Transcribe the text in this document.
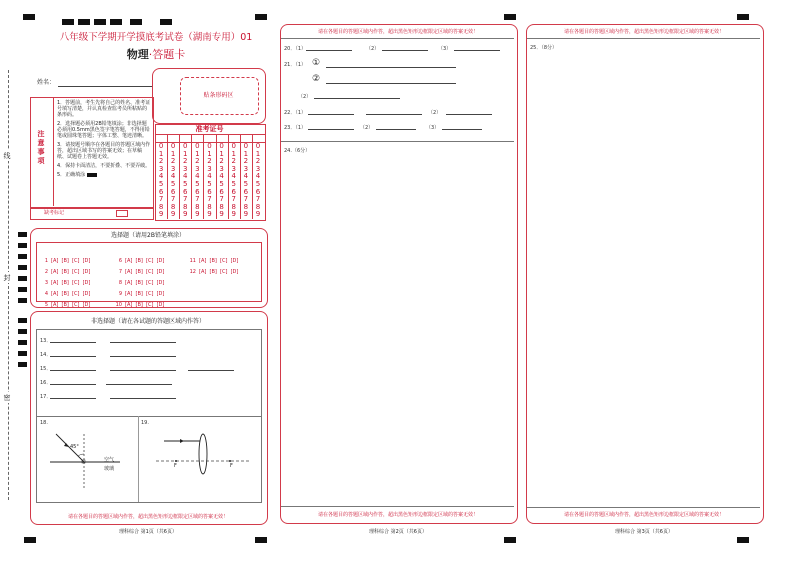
线
封
密
八年级下学期开学摸底考试卷（湖南专用）01
物理·答题卡
姓名：
贴条形码区
注意事项
1．答题前，考生先将自己的姓名、准考证号填写清楚，并认真检查监考员所粘贴的条形码。
2．选择题必须用2B铅笔填涂；非选择题必须用0.5mm黑色签字笔答题，不得用铅笔或圆珠笔答题；字体工整、笔迹清晰。
3．请按题号顺序在各题目的答题区域内作答，超出区域书写的答案无效；在草稿纸、试题卷上答题无效。
4．保持卡面清洁，不要折叠、不要弄破。
5．正确填涂
缺考标记
准考证号
0
1
2
3
4
5
6
7
8
9
0
1
2
3
4
5
6
7
8
9
0
1
2
3
4
5
6
7
8
9
0
1
2
3
4
5
6
7
8
9
0
1
2
3
4
5
6
7
8
9
0
1
2
3
4
5
6
7
8
9
0
1
2
3
4
5
6
7
8
9
0
1
2
3
4
5
6
7
8
9
0
1
2
3
4
5
6
7
8
9
选择题（请用2B铅笔填涂）
1 [A]  [B]  [C]  [D]
2 [A]  [B]  [C]  [D]
3 [A]  [B]  [C]  [D]
4 [A]  [B]  [C]  [D]
5 [A]  [B]  [C]  [D]
6 [A]  [B]  [C]  [D]
7 [A]  [B]  [C]  [D]
8 [A]  [B]  [C]  [D]
9 [A]  [B]  [C]  [D]
10 [A]  [B]  [C]  [D]
11 [A]  [B]  [C]  [D]
12 [A]  [B]  [C]  [D]
非选择题（请在各试题的答题区域内作答）
13．
14．
15．
16．
17．
18.
45°
空气
玻璃
19.
F	F
请在各题目的答题区域内作答，超出黑色矩形边框限定区域的答案无效！
理科综合 第1页（共6页）
请在各题目的答题区域内作答，超出黑色矩形边框限定区域的答案无效！
20．（1）	（2）	（3）
21．（1） ①
②
（2）
22．（1）	（2）
23．（1）	（2）	（3）
24.（6分）
请在各题目的答题区域内作答，超出黑色矩形边框限定区域的答案无效！
理科综合 第2页（共6页）
请在各题目的答题区域内作答，超出黑色矩形边框限定区域的答案无效！
25．（8分）
请在各题目的答题区域内作答，超出黑色矩形边框限定区域的答案无效！
理科综合 第3页（共6页）
